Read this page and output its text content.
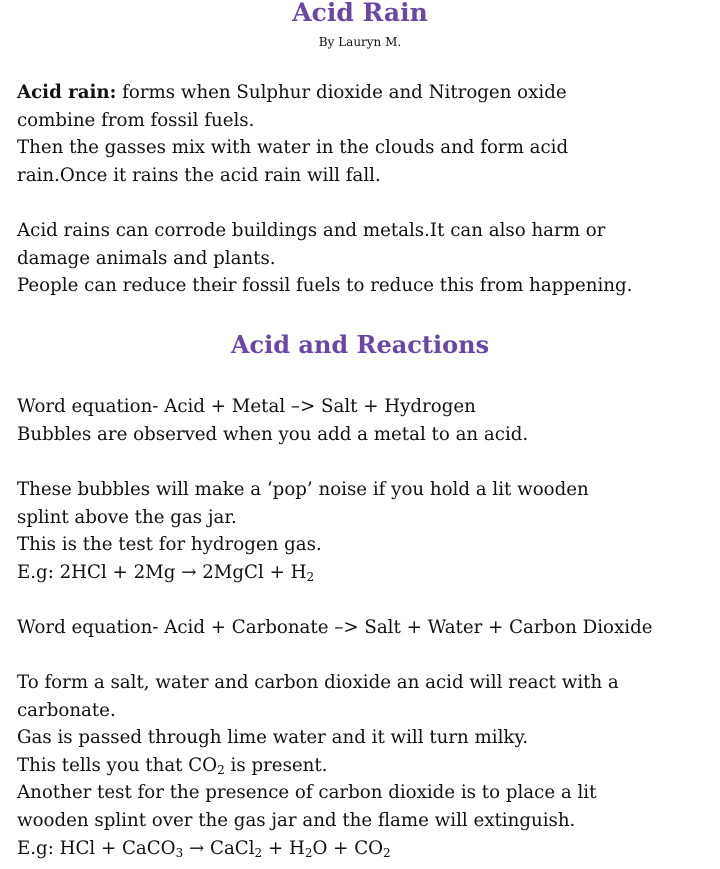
Acid Rain
By Lauryn M.
Acid rain: forms when Sulphur dioxide and Nitrogen oxide
combine from fossil fuels.
Then the gasses mix with water in the clouds and form acid
rain.Once it rains the acid rain will fall.
Acid rains can corrode buildings and metals.It can also harm or
damage animals and plants.
People can reduce their fossil fuels to reduce this from happening.
Acid and Reactions
Word equation- Acid + Metal –> Salt + Hydrogen
Bubbles are observed when you add a metal to an acid.
These bubbles will make a ‘pop’ noise if you hold a lit wooden
splint above the gas jar.
This is the test for hydrogen gas.
E.g: 2HCl + 2Mg → 2MgCl + $H_2$
Word equation- Acid + Carbonate –> Salt + Water + Carbon Dioxide
To form a salt, water and carbon dioxide an acid will react with a
carbonate.
Gas is passed through lime water and it will turn milky.
This tells you that $CO_2$ is present.
Another test for the presence of carbon dioxide is to place a lit
wooden splint over the gas jar and the flame will extinguish.
E.g: HCl + CaCO$_3$ → CaCl$_2$ + $H_2O + CO_2$
